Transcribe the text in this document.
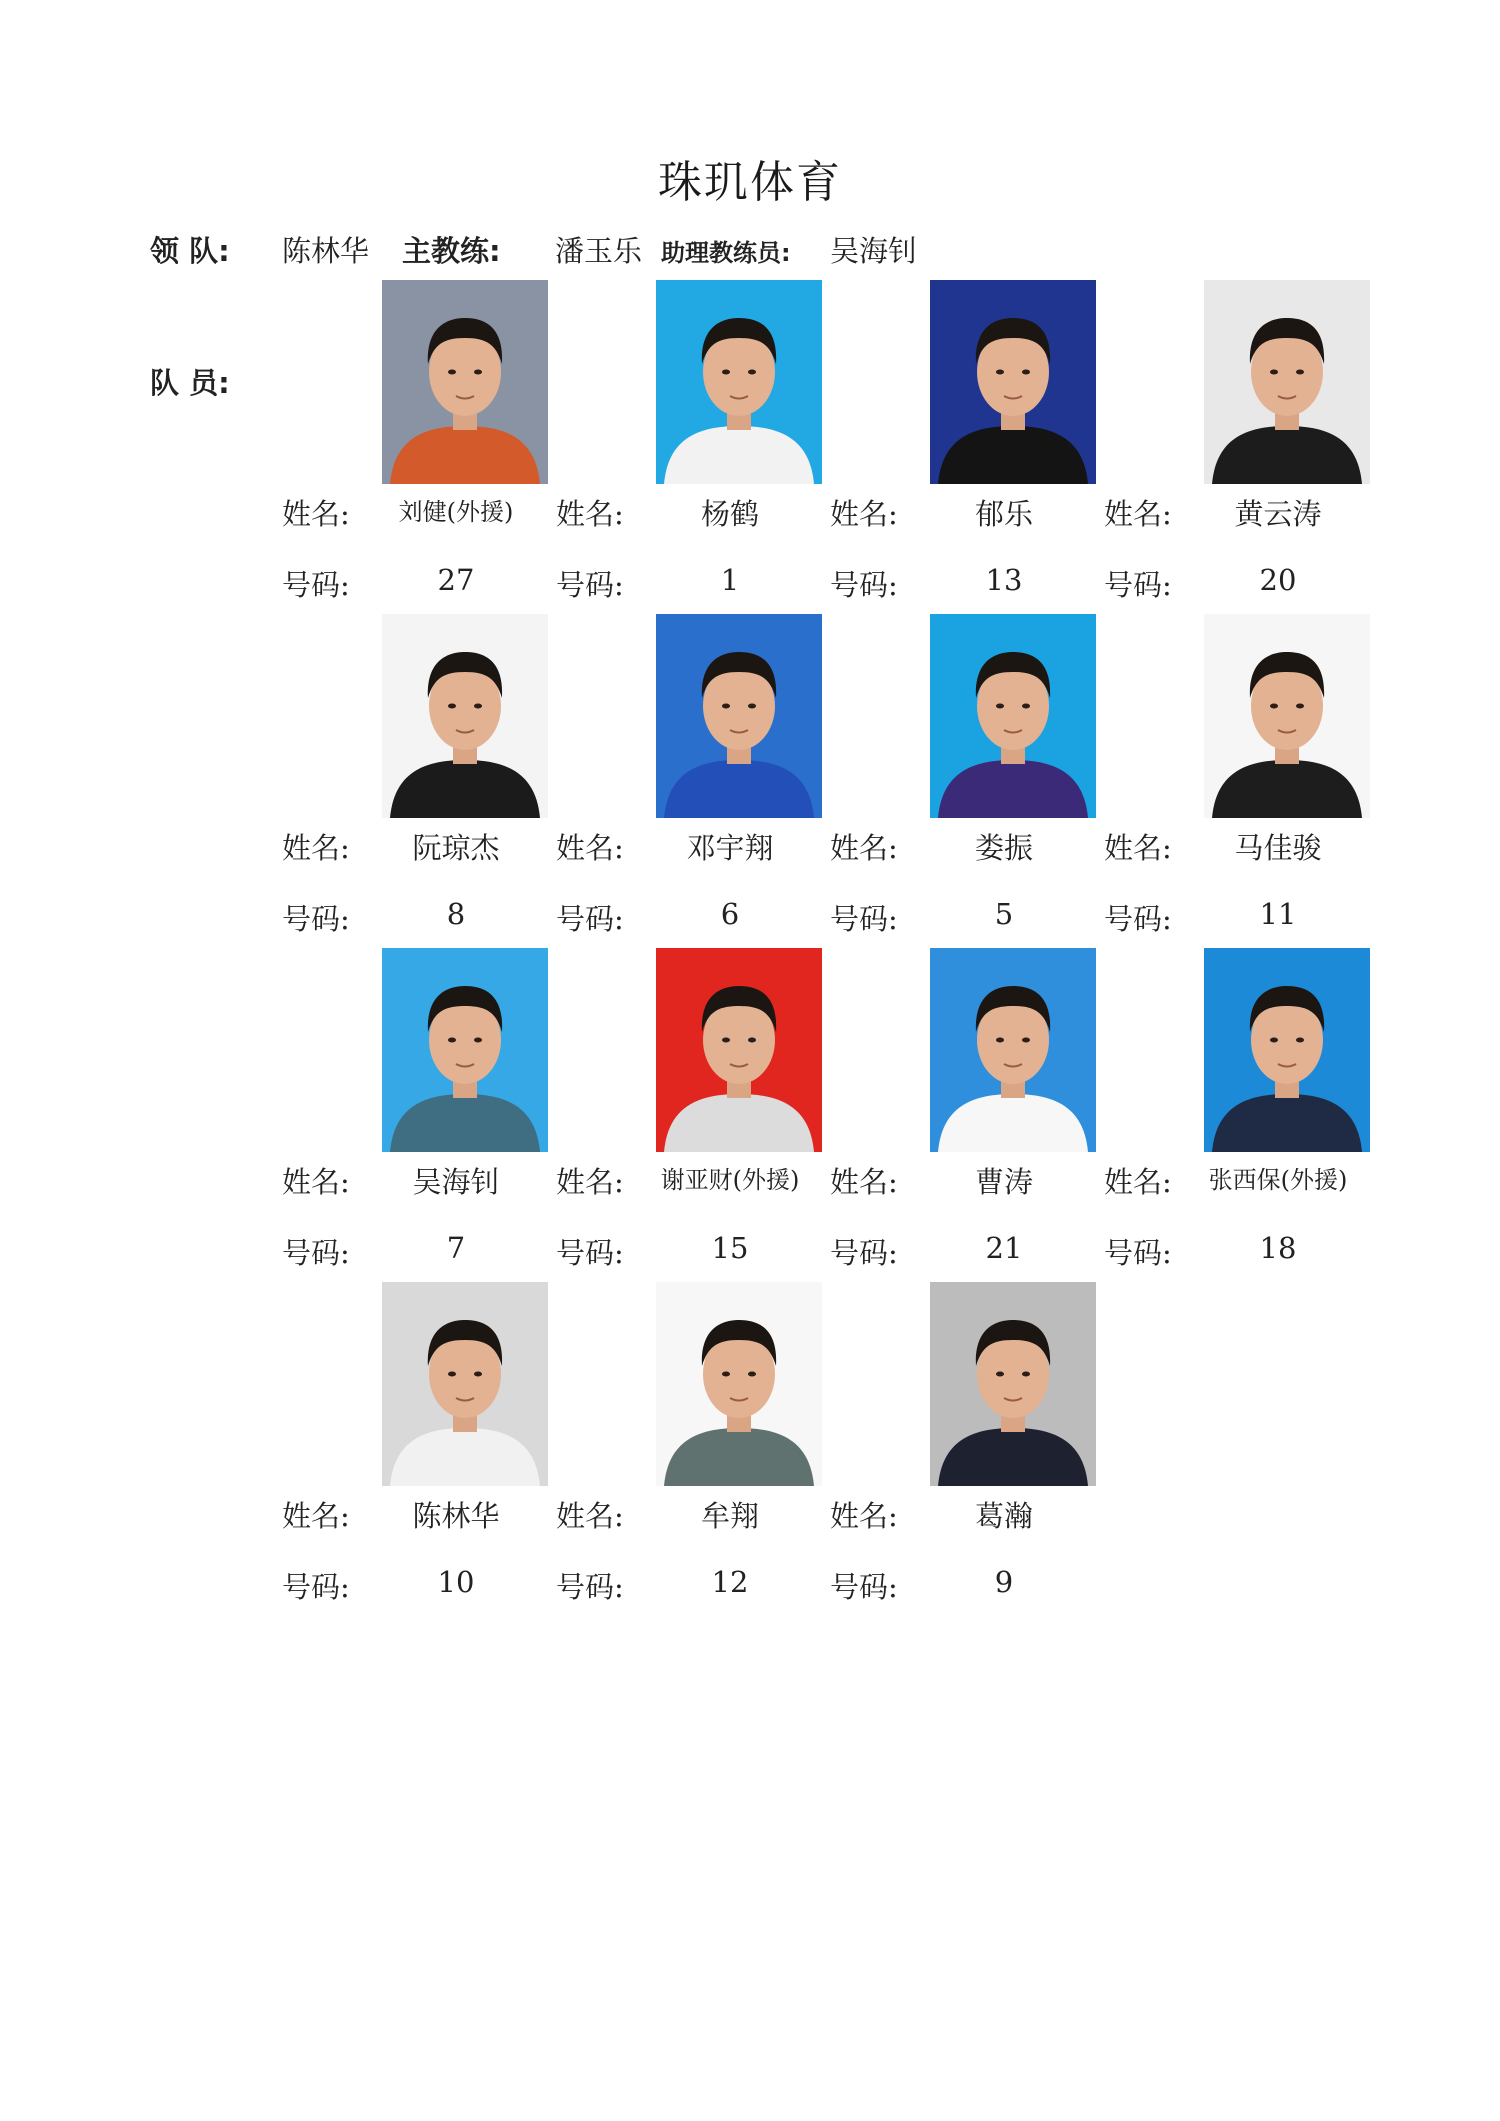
珠玑体育
领 队: 陈林华 主教练: 潘玉乐 助理教练员: 吴海钊
队 员:
姓名:	刘健(外援)
号码:	27
姓名:	杨鹤
号码:	1
姓名:	郁乐
号码:	13
姓名:	黄云涛
号码:	20
姓名:	阮琼杰
号码:	8
姓名:	邓宇翔
号码:	6
姓名:	娄振
号码:	5
姓名:	马佳骏
号码:	11
姓名:	吴海钊
号码:	7
姓名:	谢亚财(外援)
号码:	15
姓名:	曹涛
号码:	21
姓名:	张西保(外援)
号码:	18
姓名:	陈林华
号码:	10
姓名:	牟翔
号码:	12
姓名:	葛瀚
号码:	9
